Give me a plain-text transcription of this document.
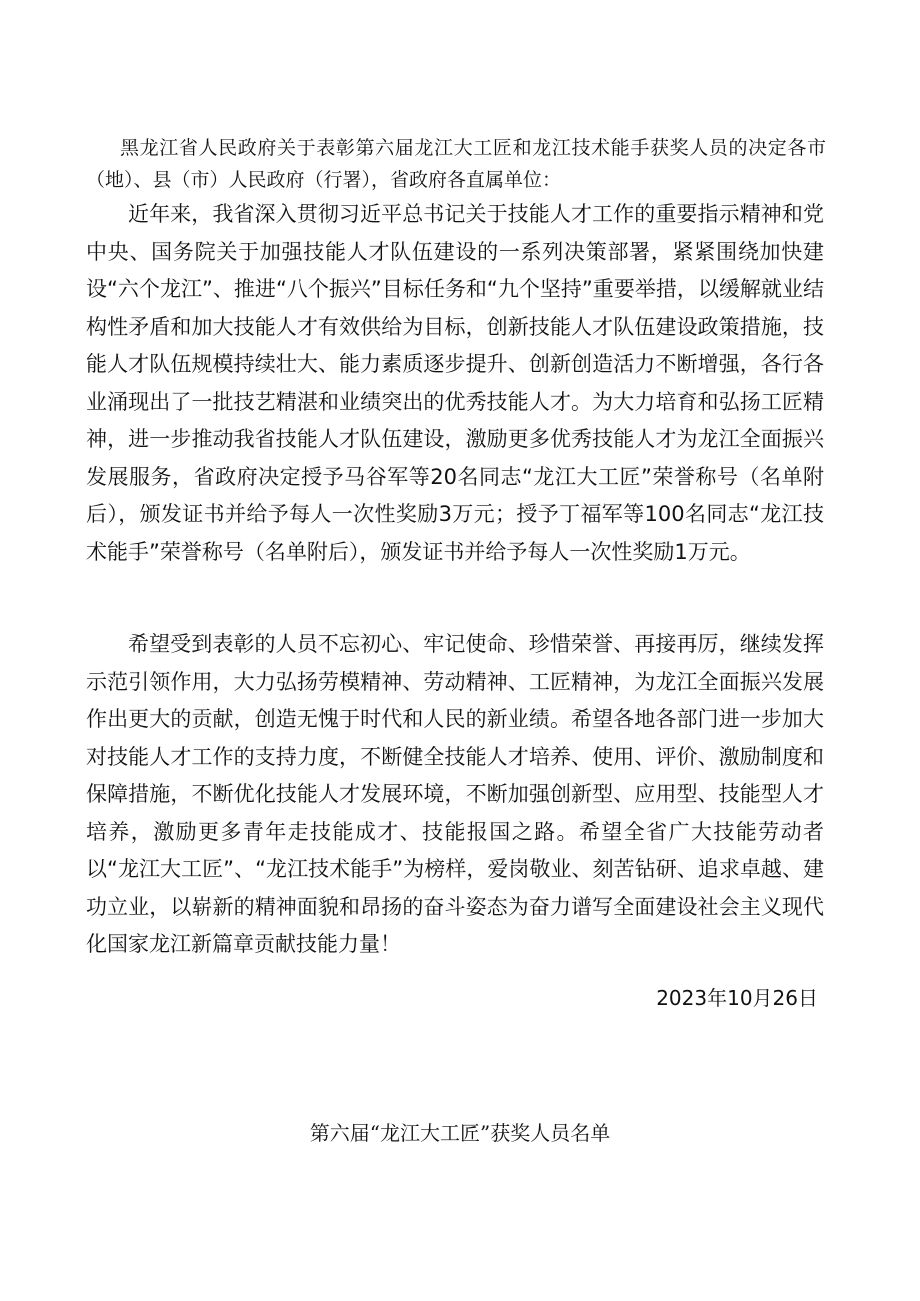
黑龙江省人民政府关于表彰第六届龙江大工匠和龙江技术能手获奖人员的决定各市（地）、县（市）人民政府（行署），省政府各直属单位：

近年来，我省深入贯彻习近平总书记关于技能人才工作的重要指示精神和党中央、国务院关于加强技能人才队伍建设的一系列决策部署，紧紧围绕加快建设“六个龙江”、推进“八个振兴”目标任务和“九个坚持”重要举措，以缓解就业结构性矛盾和加大技能人才有效供给为目标，创新技能人才队伍建设政策措施，技能人才队伍规模持续壮大、能力素质逐步提升、创新创造活力不断增强，各行各业涌现出了一批技艺精湛和业绩突出的优秀技能人才。为大力培育和弘扬工匠精神，进一步推动我省技能人才队伍建设，激励更多优秀技能人才为龙江全面振兴发展服务，省政府决定授予马谷军等20名同志“龙江大工匠”荣誉称号（名单附后），颁发证书并给予每人一次性奖励3万元；授予丁福军等100名同志“龙江技术能手”荣誉称号（名单附后），颁发证书并给予每人一次性奖励1万元。

希望受到表彰的人员不忘初心、牢记使命、珍惜荣誉、再接再厉，继续发挥示范引领作用，大力弘扬劳模精神、劳动精神、工匠精神，为龙江全面振兴发展作出更大的贡献，创造无愧于时代和人民的新业绩。希望各地各部门进一步加大对技能人才工作的支持力度，不断健全技能人才培养、使用、评价、激励制度和保障措施，不断优化技能人才发展环境，不断加强创新型、应用型、技能型人才培养，激励更多青年走技能成才、技能报国之路。希望全省广大技能劳动者以“龙江大工匠”、“龙江技术能手”为榜样，爱岗敬业、刻苦钻研、追求卓越、建功立业，以崭新的精神面貌和昂扬的奋斗姿态为奋力谱写全面建设社会主义现代化国家龙江新篇章贡献技能力量！

2023年10月26日

第六届“龙江大工匠”获奖人员名单
